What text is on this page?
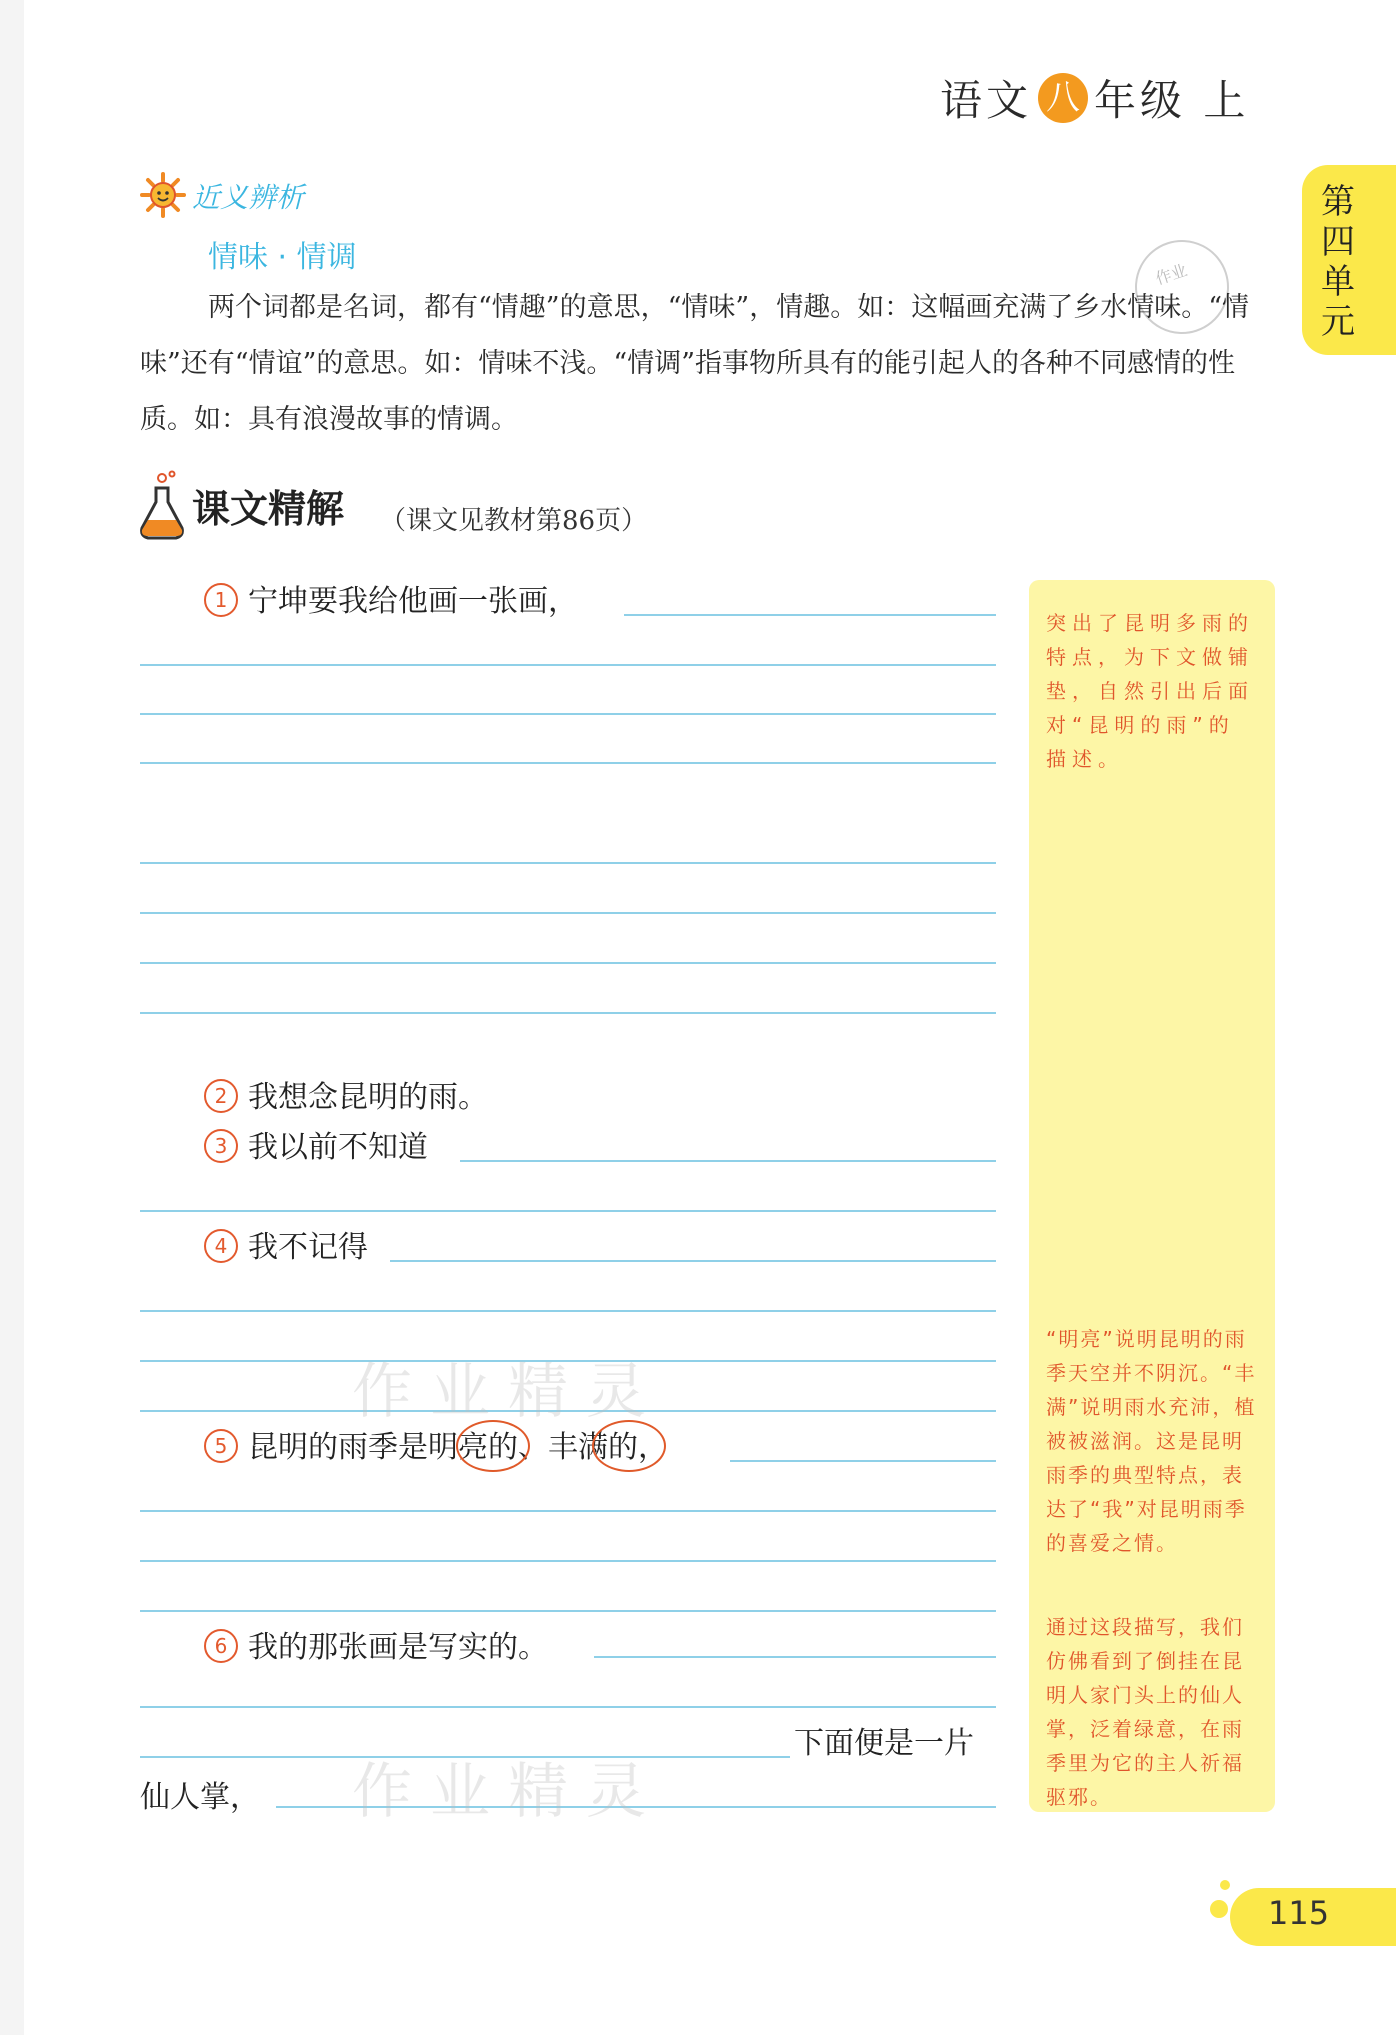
语文 八 年级 上
第四单元
作业
近义辨析
情味 · 情调
两个词都是名词，都有“情趣”的意思，“情味”，情趣。如：这幅画充满了乡水情味。“情味”还有“情谊”的意思。如：情味不浅。“情调”指事物所具有的能引起人的各种不同感情的性质。如：具有浪漫故事的情调。
课文精解 （课文见教材第86页）
突出了昆明多雨的特点，为下文做铺垫，自然引出后面对“昆明的雨”的描述。
“明亮”说明昆明的雨季天空并不阴沉。“丰满”说明雨水充沛，植被被滋润。这是昆明雨季的典型特点，表达了“我”对昆明雨季的喜爱之情。
通过这段描写，我们仿佛看到了倒挂在昆明人家门头上的仙人掌，泛着绿意，在雨季里为它的主人祈福驱邪。
1 宁坤要我给他画一张画，
2 我想念昆明的雨。
3 我以前不知道
4 我不记得
作业精灵
5 昆明的雨季是明亮的、丰满的，
6 我的那张画是写实的。
下面便是一片
仙人掌， 作业精灵
115
